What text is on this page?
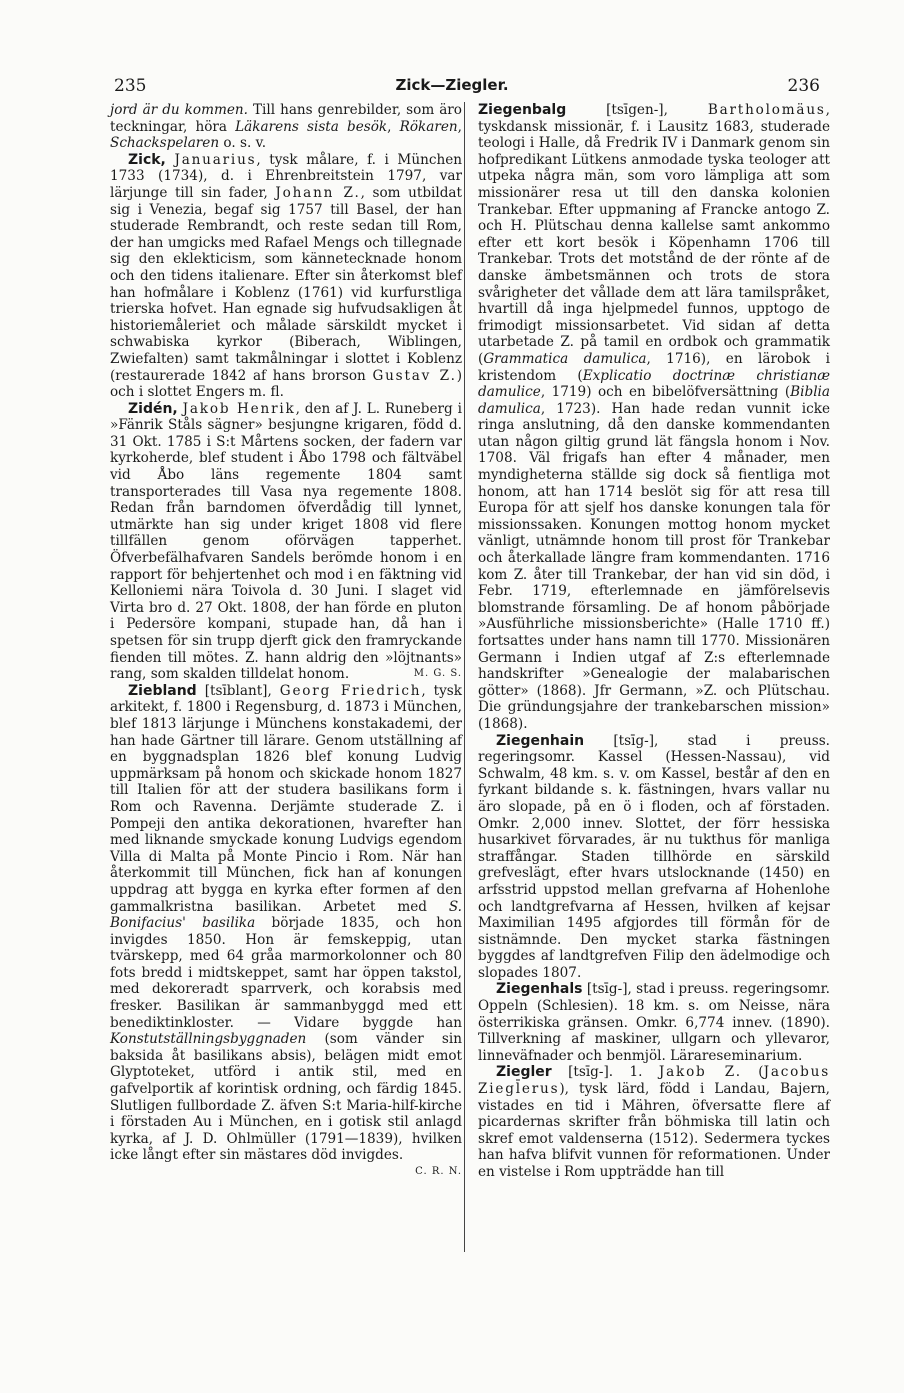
235	Zick—Ziegler.	236

jord är du kommen. Till hans genrebilder, som äro teckningar, höra Läkarens sista besök, Rökaren, Schackspelaren o. s. v.

Zick, Januarius, tysk målare, f. i München 1733 (1734), d. i Ehrenbreitstein 1797, var lärjunge till sin fader, Johann Z., som utbildat sig i Venezia, begaf sig 1757 till Basel, der han studerade Rembrandt, och reste sedan till Rom, der han umgicks med Rafael Mengs och tillegnade sig den eklekticism, som kännetecknade honom och den tidens italienare. Efter sin återkomst blef han hofmålare i Koblenz (1761) vid kurfurstliga trierska hofvet. Han egnade sig hufvudsakligen åt historiemåleriet och målade särskildt mycket i schwabiska kyrkor (Biberach, Wiblingen, Zwiefalten) samt takmålningar i slottet i Koblenz (restaurerade 1842 af hans brorson Gustav Z.) och i slottet Engers m. fl.

Zidén, Jakob Henrik, den af J. L. Runeberg i »Fänrik Ståls sägner» besjungne krigaren, född d. 31 Okt. 1785 i S:t Mårtens socken, der fadern var kyrkoherde, blef student i Åbo 1798 och fältväbel vid Åbo läns regemente 1804 samt transporterades till Vasa nya regemente 1808. Redan från barndomen öfverdådig till lynnet, utmärkte han sig under kriget 1808 vid flere tillfällen genom oförvägen tapperhet. Öfverbefälhafvaren Sandels berömde honom i en rapport för behjertenhet och mod i en fäktning vid Kelloniemi nära Toivola d. 30 Juni. I slaget vid Virta bro d. 27 Okt. 1808, der han förde en pluton i Pedersöre kompani, stupade han, då han i spetsen för sin trupp djerft gick den framryckande fienden till mötes. Z. hann aldrig den »löjtnants» rang, som skalden tilldelat honom.	M. G. S.

Ziebland [tsīblant], Georg Friedrich, tysk arkitekt, f. 1800 i Regensburg, d. 1873 i München, blef 1813 lärjunge i Münchens konstakademi, der han hade Gärtner till lärare. Genom utställning af en byggnadsplan 1826 blef konung Ludvig uppmärksam på honom och skickade honom 1827 till Italien för att der studera basilikans form i Rom och Ravenna. Derjämte studerade Z. i Pompeji den antika dekorationen, hvarefter han med liknande smyckade konung Ludvigs egendom Villa di Malta på Monte Pincio i Rom. När han återkommit till München, fick han af konungen uppdrag att bygga en kyrka efter formen af den gammalkristna basilikan. Arbetet med S. Bonifacius' basilika började 1835, och hon invigdes 1850. Hon är femskeppig, utan tvärskepp, med 64 gråa marmorkolonner och 80 fots bredd i midtskeppet, samt har öppen takstol, med dekoreradt sparrverk, och korabsis med fresker. Basilikan är sammanbyggd med ett benediktinkloster. — Vidare byggde han Konstutställningsbyggnaden (som vänder sin baksida åt basilikans absis), belägen midt emot Glyptoteket, utförd i antik stil, med en gafvelportik af korintisk ordning, och färdig 1845. Slutligen fullbordade Z. äfven S:t Maria-hilf-kirche i förstaden Au i München, en i gotisk stil anlagd kyrka, af J. D. Ohlmüller (1791—1839), hvilken icke långt efter sin mästares död invigdes.
C. R. N.

Ziegenbalg [tsīgen-], Bartholomäus, tyskdansk missionär, f. i Lausitz 1683, studerade teologi i Halle, då Fredrik IV i Danmark genom sin hofpredikant Lütkens anmodade tyska teologer att utpeka några män, som voro lämpliga att som missionärer resa ut till den danska kolonien Trankebar. Efter uppmaning af Francke antogo Z. och H. Plütschau denna kallelse samt ankommo efter ett kort besök i Köpenhamn 1706 till Trankebar. Trots det motstånd de der rönte af de danske ämbetsmännen och trots de stora svårigheter det vållade dem att lära tamilspråket, hvartill då inga hjelpmedel funnos, upptogo de frimodigt missionsarbetet. Vid sidan af detta utarbetade Z. på tamil en ordbok och grammatik (Grammatica damulica, 1716), en lärobok i kristendom (Explicatio doctrinæ christianæ damulice, 1719) och en bibelöfversättning (Biblia damulica, 1723). Han hade redan vunnit icke ringa anslutning, då den danske kommendanten utan någon giltig grund lät fängsla honom i Nov. 1708. Väl frigafs han efter 4 månader, men myndigheterna ställde sig dock så fientliga mot honom, att han 1714 beslöt sig för att resa till Europa för att sjelf hos danske konungen tala för missionssaken. Konungen mottog honom mycket vänligt, utnämnde honom till prost för Trankebar och återkallade längre fram kommendanten. 1716 kom Z. åter till Trankebar, der han vid sin död, i Febr. 1719, efterlemnade en jämförelsevis blomstrande församling. De af honom påbörjade »Ausführliche missionsberichte» (Halle 1710 ff.) fortsattes under hans namn till 1770. Missionären Germann i Indien utgaf af Z:s efterlemnade handskrifter »Genealogie der malabarischen götter» (1868). Jfr Germann, »Z. och Plütschau. Die gründungsjahre der trankebarschen mission» (1868).

Ziegenhain [tsīg-], stad i preuss. regeringsomr. Kassel (Hessen-Nassau), vid Schwalm, 48 km. s. v. om Kassel, består af den en fyrkant bildande s. k. fästningen, hvars vallar nu äro slopade, på en ö i floden, och af förstaden. Omkr. 2,000 innev. Slottet, der förr hessiska husarkivet förvarades, är nu tukthus för manliga straffångar. Staden tillhörde en särskild grefveslägt, efter hvars utslocknande (1450) en arfsstrid uppstod mellan grefvarna af Hohenlohe och landtgrefvarna af Hessen, hvilken af kejsar Maximilian 1495 afgjordes till förmån för de sistnämnde. Den mycket starka fästningen byggdes af landtgrefven Filip den ädelmodige och slopades 1807.

Ziegenhals [tsīg-], stad i preuss. regeringsomr. Oppeln (Schlesien). 18 km. s. om Neisse, nära österrikiska gränsen. Omkr. 6,774 innev. (1890). Tillverkning af maskiner, ullgarn och yllevaror, linneväfnader och benmjöl. Lärareseminarium.

Ziegler [tsīg-]. 1. Jakob Z. (Jacobus Ziegl̄erus), tysk lärd, född i Landau, Bajern, vistades en tid i Mähren, öfversatte flere af picardernas skrifter från böhmiska till latin och skref emot valdenserna (1512). Sedermera tyckes han hafva blifvit vunnen för reformationen. Under en vistelse i Rom uppträdde han till
